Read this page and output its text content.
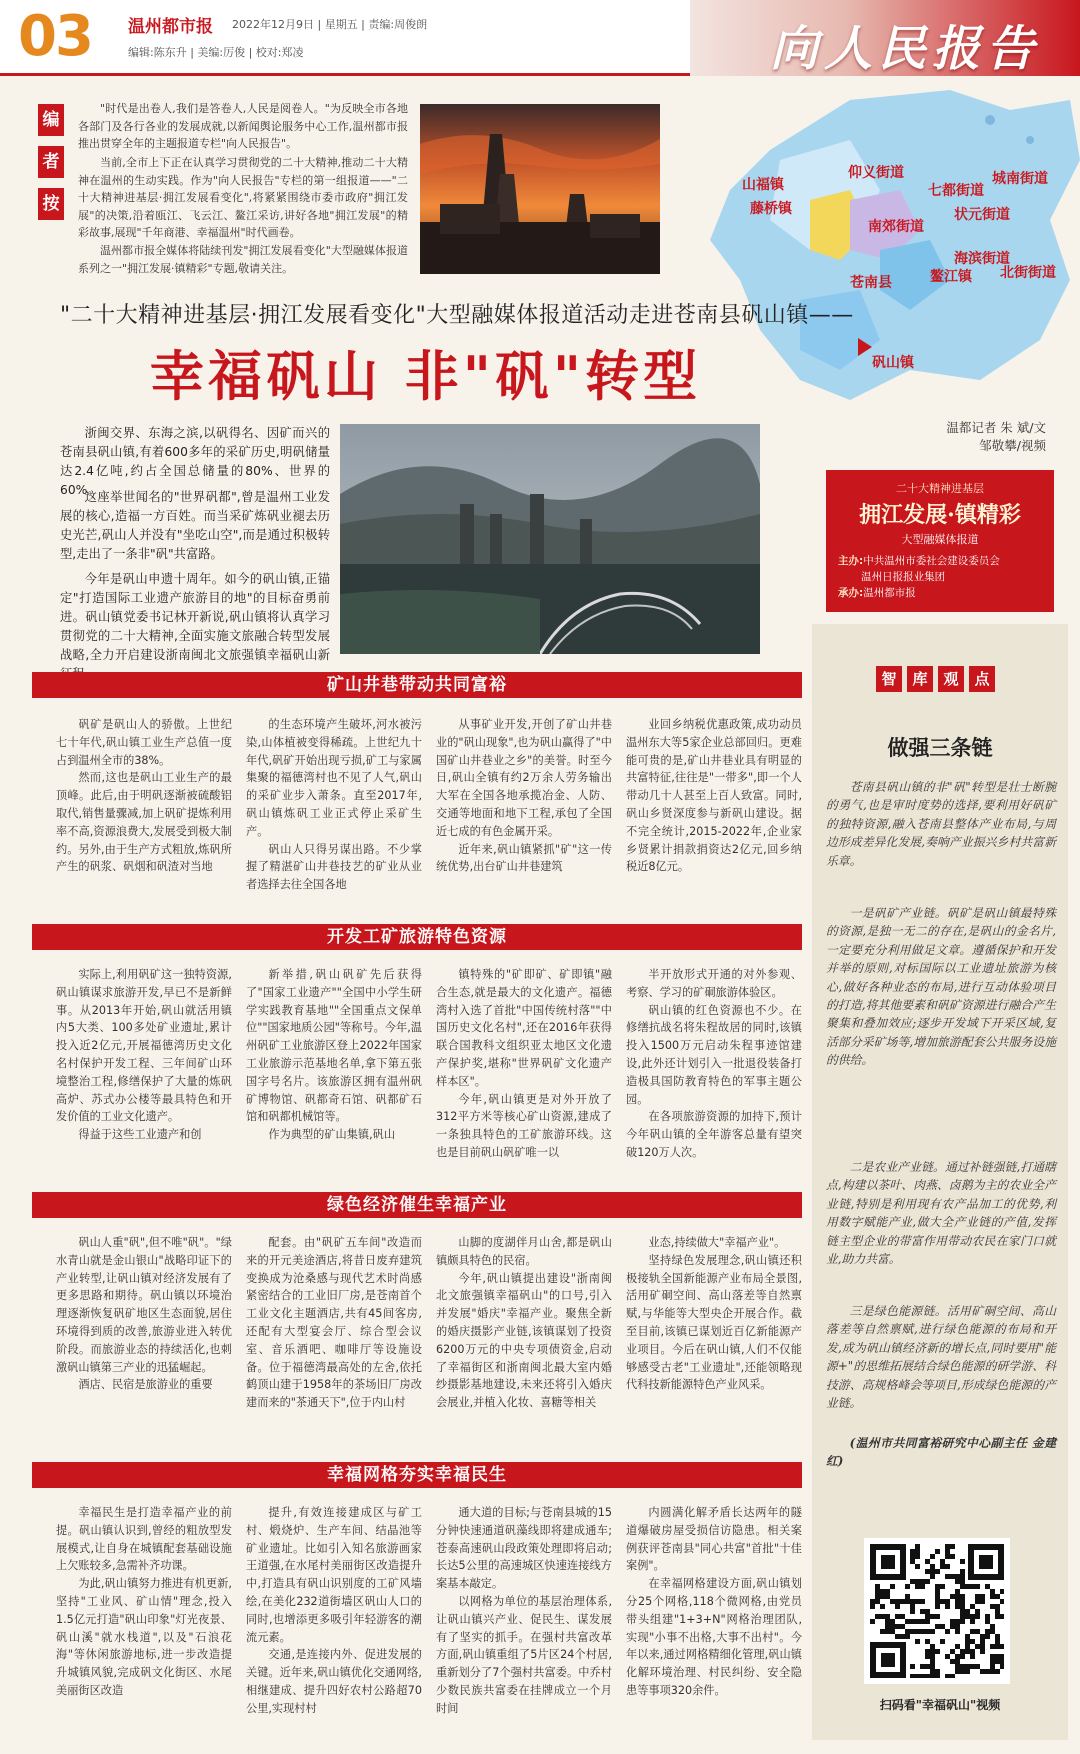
03 温州都市报 2022年12月9日 | 星期五 | 责编:周俊朗
编辑:陈东升 | 美编:厉俊 | 校对:郑凌	向人民报告
编
者
按
"时代是出卷人,我们是答卷人,人民是阅卷人。"为反映全市各地各部门及各行各业的发展成就,以新闻舆论服务中心工作,温州都市报推出贯穿全年的主题报道专栏"向人民报告"。
当前,全市上下正在认真学习贯彻党的二十大精神,推动二十大精神在温州的生动实践。作为"向人民报告"专栏的第一组报道——"二十大精神进基层·拥江发展看变化",将紧紧围绕市委市政府"拥江发展"的决策,沿着瓯江、飞云江、鳌江采访,讲好各地"拥江发展"的精彩故事,展现"千年商港、幸福温州"时代画卷。
温州都市报全媒体将陆续刊发"拥江发展看变化"大型融媒体报道系列之一"拥江发展·镇精彩"专题,敬请关注。
山福镇
仰义街道
七都街道
城南街道
藤桥镇	状元街道
南郊街道
海滨街道
鳌江镇 北街街道
苍南县
矾山镇
"二十大精神进基层·拥江发展看变化"大型融媒体报道活动走进苍南县矾山镇——
幸福矾山 非"矾"转型
浙闽交界、东海之滨,以矾得名、因矿而兴的苍南县矾山镇,有着600多年的采矿历史,明矾储量达2.4亿吨,约占全国总储量的80%、世界的60%。
这座举世闻名的"世界矾都",曾是温州工业发展的核心,造福一方百姓。而当采矿炼矾业褪去历史光芒,矾山人并没有"坐吃山空",而是通过积极转型,走出了一条非"矾"共富路。
今年是矾山申遗十周年。如今的矾山镇,正锚定"打造国际工业遗产旅游目的地"的目标奋勇前进。矾山镇党委书记林开新说,矾山镇将认真学习贯彻党的二十大精神,全面实施文旅融合转型发展战略,全力开启建设浙南闽北文旅强镇幸福矾山新
温都记者 朱 斌/文
邹敬攀/视频
二十大精神进基层
拥江发展·镇精彩
大型融媒体报道
主办:中共温州市委社会建设委员会
温州日报报业集团
承办:温州都市报
智 库 观 点
做强三条链
苍南县矾山镇的非"矾"转型是壮士断腕的勇气,也是审时度势的选择,要利用好矾矿的独特资源,融入苍南县整体产业布局,与周边形成差异化发展,奏响产业振兴乡村共富新乐章。
一是矾矿产业链。矾矿是矾山镇最特殊的资源,是独一无二的存在,是矾山的金名片,一定要充分利用做足文章。遵循保护和开发并举的原则,对标国际以工业遗址旅游为核心,做好各种业态的布局,进行互动体验项目的打造,将其他要素和矾矿资源进行融合产生聚集和叠加效应;逐步开发域下开采区域,复活部分采矿场等,增加旅游配套公共服务设施的供给。
二是农业产业链。通过补链强链,打通瞎点,构建以茶叶、肉燕、卤鹅为主的农业全产业链,特别是利用现有农产品加工的优势,利用数字赋能产业,做大全产业链的产值,发挥链主型企业的带富作用带动农民在家门口就业,助力共富。
三是绿色能源链。活用矿硐空间、高山落差等自然禀赋,进行绿色能源的布局和开发,成为矾山镇经济新的增长点,同时要用"能源+"的思维拓展结合绿色能源的研学游、科技游、高规格峰会等项目,形成绿色能源的产业链。
(温州市共同富裕研究中心副主任 金建红)
扫码看"幸福矾山"视频
矿山井巷带动共同富裕

矾矿是矾山人的骄傲。上世纪七十年代,矾山镇工业生产总值一度占到温州全市的38%。

然而,这也是矾山工业生产的最顶峰。此后,由于明矾逐渐被硫酸铝取代,销售量骤减,加上矾矿提炼利用率不高,资源浪费大,发展受到极大制约。另外,由于生产方式粗放,炼矾所产生的矾浆、矾烟和矾渣对当地

的生态环境产生破坏,河水被污染,山体植被变得稀疏。上世纪九十年代,矾矿开始出现亏损,矿工与家属集聚的福德湾村也不见了人气,矾山的采矿业步入萧条。直至2017年,矾山镇炼矾工业正式停止采矿生产。

矾山人只得另谋出路。不少掌握了精湛矿山井巷技艺的矿业从业者选择去往全国各地

从事矿业开发,开创了矿山井巷业的"矾山现象",也为矾山赢得了"中国矿山井巷业之乡"的美誉。时至今日,矾山全镇有约2万余人劳务输出大军在全国各地承揽冶金、人防、交通等地面和地下工程,承包了全国近七成的有色金属开采。

近年来,矾山镇紧抓"矿"这一传统优势,出台矿山井巷建筑

业回乡纳税优惠政策,成功动员温州东大等5家企业总部回归。更难能可贵的是,矿山井巷业具有明显的共富特征,往往是"一带多",即一个人带动几十人甚至上百人致富。同时,矾山乡贤深度参与新矾山建设。据不完全统计,2015-2022年,企业家乡贤累计捐款捐资达2亿元,回乡纳税近8亿元。

开发工矿旅游特色资源

实际上,利用矾矿这一独特资源,矾山镇谋求旅游开发,早已不是新鲜事。从2013年开始,矾山就活用镇内5大类、100多处矿业遗址,累计投入近2亿元,开展福德湾历史文化名村保护开发工程、三年间矿山环境整治工程,修缮保护了大量的炼矾高炉、苏式办公楼等最具特色和开发价值的工业文化遗产。

得益于这些工业遗产和创

新举措,矾山矾矿先后获得了"国家工业遗产""全国中小学生研学实践教育基地""全国重点文保单位""国家地质公园"等称号。今年,温州矾矿工业旅游区登上2022年国家工业旅游示范基地名单,拿下第五张国字号名片。该旅游区拥有温州矾矿博物馆、矾都奇石馆、矾都矿石馆和矾都机械馆等。

作为典型的矿山集镇,矾山

镇特殊的"矿即矿、矿即镇"融合生态,就是最大的文化遗产。福德湾村入选了首批"中国传统村落""中国历史文化名村",还在2016年获得联合国教科文组织亚太地区文化遗产保护奖,堪称"世界矾矿文化遗产样本区"。

今年,矾山镇更是对外开放了312平方米等核心矿山资源,建成了一条独具特色的工矿旅游环线。这也是目前矾山矾矿唯一以

半开放形式开通的对外参观、考察、学习的矿硐旅游体验区。

矾山镇的红色资源也不少。在修缮抗战名将朱程故居的同时,该镇投入1500万元启动朱程事迹馆建设,此外还计划引入一批退役装备打造极具国防教育特色的军事主题公园。

在各项旅游资源的加持下,预计今年矾山镇的全年游客总量有望突破120万人次。

绿色经济催生幸福产业

矾山人重"矾",但不唯"矾"。"绿水青山就是金山银山"战略印证下的产业转型,让矾山镇对经济发展有了更多思路和期待。矾山镇以环境治理逐渐恢复矾矿地区生态面貌,居住环境得到质的改善,旅游业进入转优阶段。而旅游业态的持续活化,也刺激矾山镇第三产业的迅猛崛起。

酒店、民宿是旅游业的重要

配套。由"矾矿五车间"改造而来的开元美途酒店,将昔日废弃建筑变换成为沧桑感与现代艺术时尚感紧密结合的工业旧厂房,是苍南首个工业文化主题酒店,共有45间客房,还配有大型宴会厅、综合型会议室、音乐酒吧、咖啡厅等设施设备。位于福德湾最高处的左舍,依托鹤顶山建于1958年的茶场旧厂房改建而来的"茶通天下",位于内山村

山脚的度湖伴月山舍,都是矾山镇颇具特色的民宿。

今年,矾山镇提出建设"浙南闽北文旅强镇幸福矾山"的口号,引入并发展"婚庆"幸福产业。聚焦全新的婚庆摄影产业链,该镇谋划了投资6200万元的中央专项债资金,启动了幸福街区和浙南闽北最大室内婚纱摄影基地建设,未来还将引入婚庆会展业,并植入化妆、喜糖等相关

业态,持续做大"幸福产业"。

坚持绿色发展理念,矾山镇还积极接轨全国新能源产业布局全景图,活用矿硐空间、高山落差等自然禀赋,与华能等大型央企开展合作。截至目前,该镇已谋划近百亿新能源产业项目。今后在矾山镇,人们不仅能够感受古老"工业遗址",还能领略现代科技新能源特色产业风采。

幸福网格夯实幸福民生

幸福民生是打造幸福产业的前提。矾山镇认识到,曾经的粗放型发展模式,让自身在城镇配套基础设施上欠账较多,急需补齐功课。

为此,矾山镇努力推进有机更新,坚持"工业风、矿山情"理念,投入1.5亿元打造"矾山印象"灯光夜景、矾山溪"就水栈道",以及"石浪花海"等休闲旅游地标,进一步改造提升城镇风貌,完成矾文化街区、水尾美丽街区改造

提升,有效连接建成区与矿工村、煅烧炉、生产车间、结晶池等矿业遗址。比如引入知名旅游画家王道强,在水尾村美丽街区改造提升中,打造具有矾山识别度的工矿风墙绘,在美化232道街墙区矾山人口的同时,也增添更多吸引年轻游客的潮流元素。

交通,是连接内外、促进发展的关键。近年来,矾山镇优化交通网络,相继建成、提升四好农村公路超70公里,实现村村

通大道的目标;与苍南县城的15分钟快速通道矾藻线即将建成通车;苍泰高速矾山段政策处理即将启动;长达5公里的高速城区快速连接线方案基本敲定。

以网格为单位的基层治理体系,让矾山镇兴产业、促民生、谋发展有了坚实的抓手。在强村共富改革方面,矾山镇重组了5片区24个村居,重新划分了7个强村共富委。中乔村少数民族共富委在挂牌成立一个月时间

内圆满化解矛盾长达两年的隧道爆破房屋受损信访隐患。相关案例获评苍南县"同心共富"首批"十佳案例"。

在幸福网格建设方面,矾山镇划分25个网格,118个微网格,由党员带头组建"1+3+N"网格治理团队,实现"小事不出格,大事不出村"。今年以来,通过网格精细化管理,矾山镇化解环境治理、村民纠纷、安全隐患等事项320余件。
